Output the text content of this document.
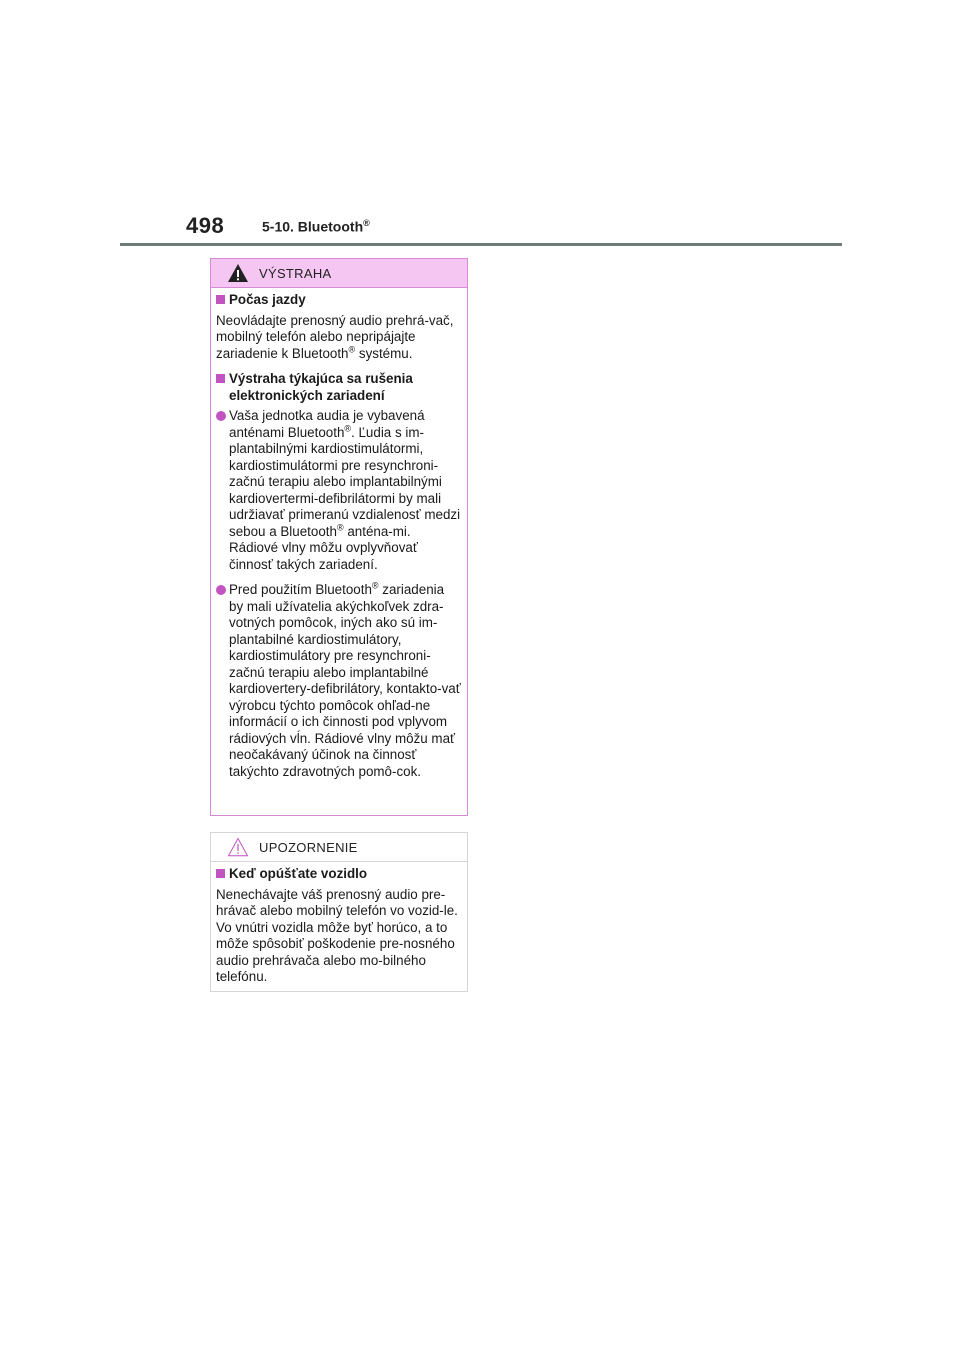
498	5-10. Bluetooth®
VÝSTRAHA
Počas jazdy

Neovládajte prenosný audio prehrá-vač, mobilný telefón alebo nepripájajte zariadenie k Bluetooth® systému.

Výstraha týkajúca sa rušenia elektronických zariadení
Vaša jednotka audia je vybavená anténami Bluetooth®. Ľudia s im-plantabilnými kardiostimulátormi, kardiostimulátormi pre resynchroni-začnú terapiu alebo implantabilnými kardiovertermi-defibrilátormi by mali udržiavať primeranú vzdialenosť medzi sebou a Bluetooth® anténa-mi. Rádiové vlny môžu ovplyvňovať činnosť takých zariadení.
Pred použitím Bluetooth® zariadenia by mali užívatelia akýchkoľvek zdra-votných pomôcok, iných ako sú im-plantabilné kardiostimulátory, kardiostimulátory pre resynchroni-začnú terapiu alebo implantabilné kardiovertery-defibrilátory, kontakto-vať výrobcu týchto pomôcok ohľad-ne informácií o ich činnosti pod vplyvom rádiových vĺn. Rádiové vlny môžu mať neočakávaný účinok na činnosť takýchto zdravotných pomô-cok.
UPOZORNENIE
Keď opúšťate vozidlo

Nenechávajte váš prenosný audio pre-hrávač alebo mobilný telefón vo vozid-le. Vo vnútri vozidla môže byť horúco, a to môže spôsobiť poškodenie pre-nosného audio prehrávača alebo mo-bilného telefónu.
